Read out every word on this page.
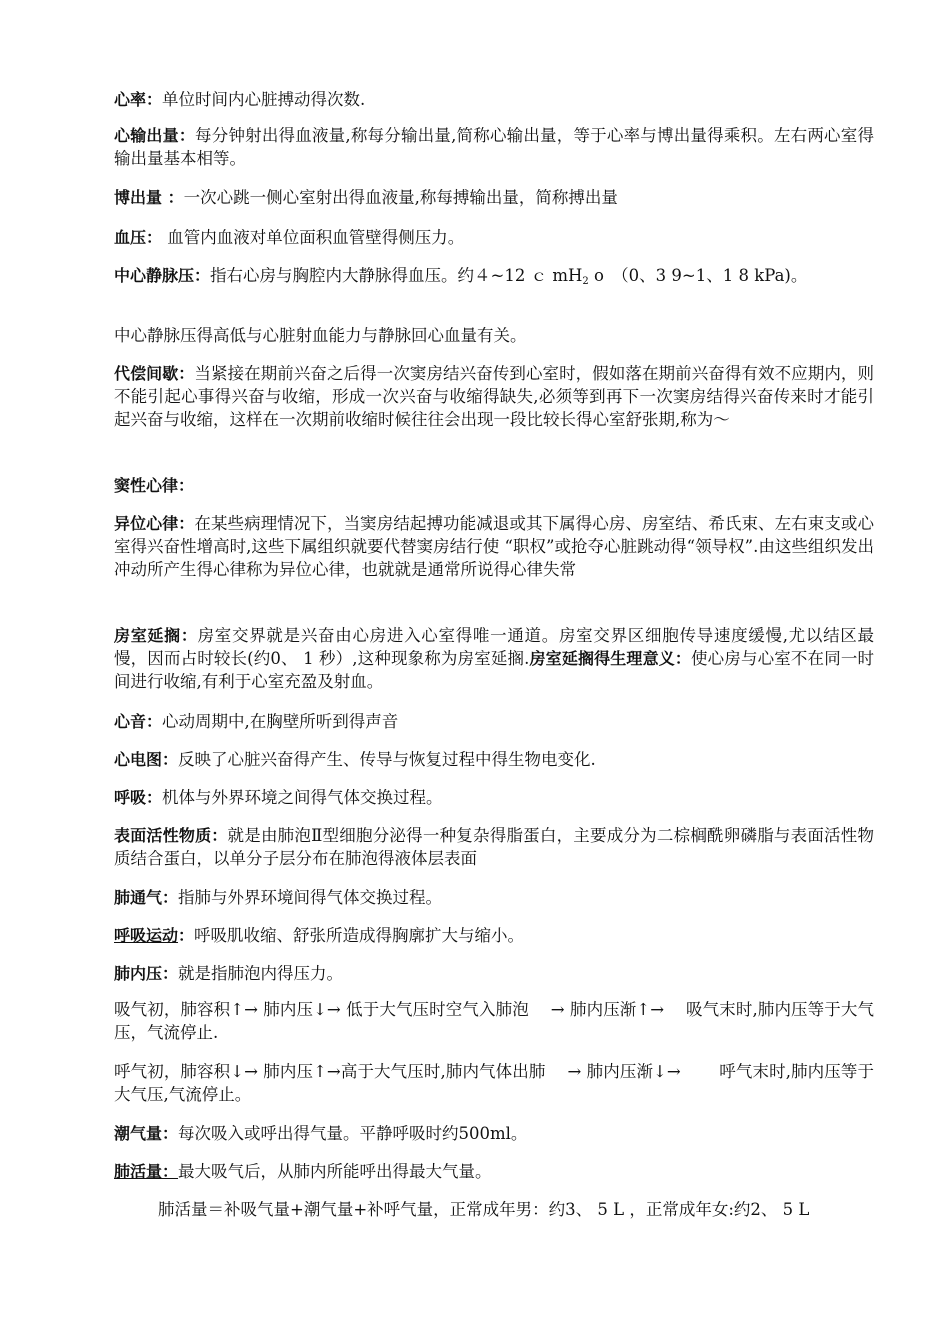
心率：单位时间内心脏搏动得次数.

心输出量：每分钟射出得血液量,称每分输出量,简称心输出量，等于心率与博出量得乘积。左右两心室得输出量基本相等。

博出量 ：一次心跳一侧心室射出得血液量,称每搏输出量，简称搏出量

血压： 血管内血液对单位面积血管壁得侧压力。

中心静脉压：指右心房与胸腔内大静脉得血压。约４~12 ｃ $mH_2$ o　（0、3 9~1、1 8 kPa)。

中心静脉压得高低与心脏射血能力与静脉回心血量有关。

代偿间歇：当紧接在期前兴奋之后得一次窦房结兴奋传到心室时，假如落在期前兴奋得有效不应期内，则不能引起心事得兴奋与收缩，形成一次兴奋与收缩得缺失,必须等到再下一次窦房结得兴奋传来时才能引起兴奋与收缩，这样在一次期前收缩时候往往会出现一段比较长得心室舒张期,称为～

窦性心律：

异位心律：在某些病理情况下，当窦房结起搏功能减退或其下属得心房、房室结、希氏束、左右束支或心室得兴奋性增高时,这些下属组织就要代替窦房结行使 “职权”或抢夺心脏跳动得“领导权”.由这些组织发出冲动所产生得心律称为异位心律，也就就是通常所说得心律失常

房室延搁：房室交界就是兴奋由心房进入心室得唯一通道。房室交界区细胞传导速度缓慢,尤以结区最慢，因而占时较长(约0、 1 秒）,这种现象称为房室延搁.房室延搁得生理意义：使心房与心室不在同一时间进行收缩,有利于心室充盈及射血。

心音：心动周期中,在胸壁所听到得声音

心电图：反映了心脏兴奋得产生、传导与恢复过程中得生物电变化.

呼吸：机体与外界环境之间得气体交换过程。

表面活性物质：就是由肺泡Ⅱ型细胞分泌得一种复杂得脂蛋白，主要成分为二棕榈酰卵磷脂与表面活性物质结合蛋白，以单分子层分布在肺泡得液体层表面

肺通气：指肺与外界环境间得气体交换过程。

呼吸运动：呼吸肌收缩、舒张所造成得胸廓扩大与缩小。

肺内压：就是指肺泡内得压力。

吸气初，肺容积↑→ 肺内压↓→ 低于大气压时空气入肺泡 　→ 肺内压渐↑→ 　吸气末时,肺内压等于大气压，气流停止.

呼气初，肺容积↓→ 肺内压↑→高于大气压时,肺内气体出肺 　→ 肺内压渐↓→ 　　呼气末时,肺内压等于大气压,气流停止。

潮气量：每次吸入或呼出得气量。平静呼吸时约500ml。

肺活量：最大吸气后，从肺内所能呼出得最大气量。

肺活量＝补吸气量+潮气量+补呼气量，正常成年男：约3、 5 L ，正常成年女:约2、 5 L
